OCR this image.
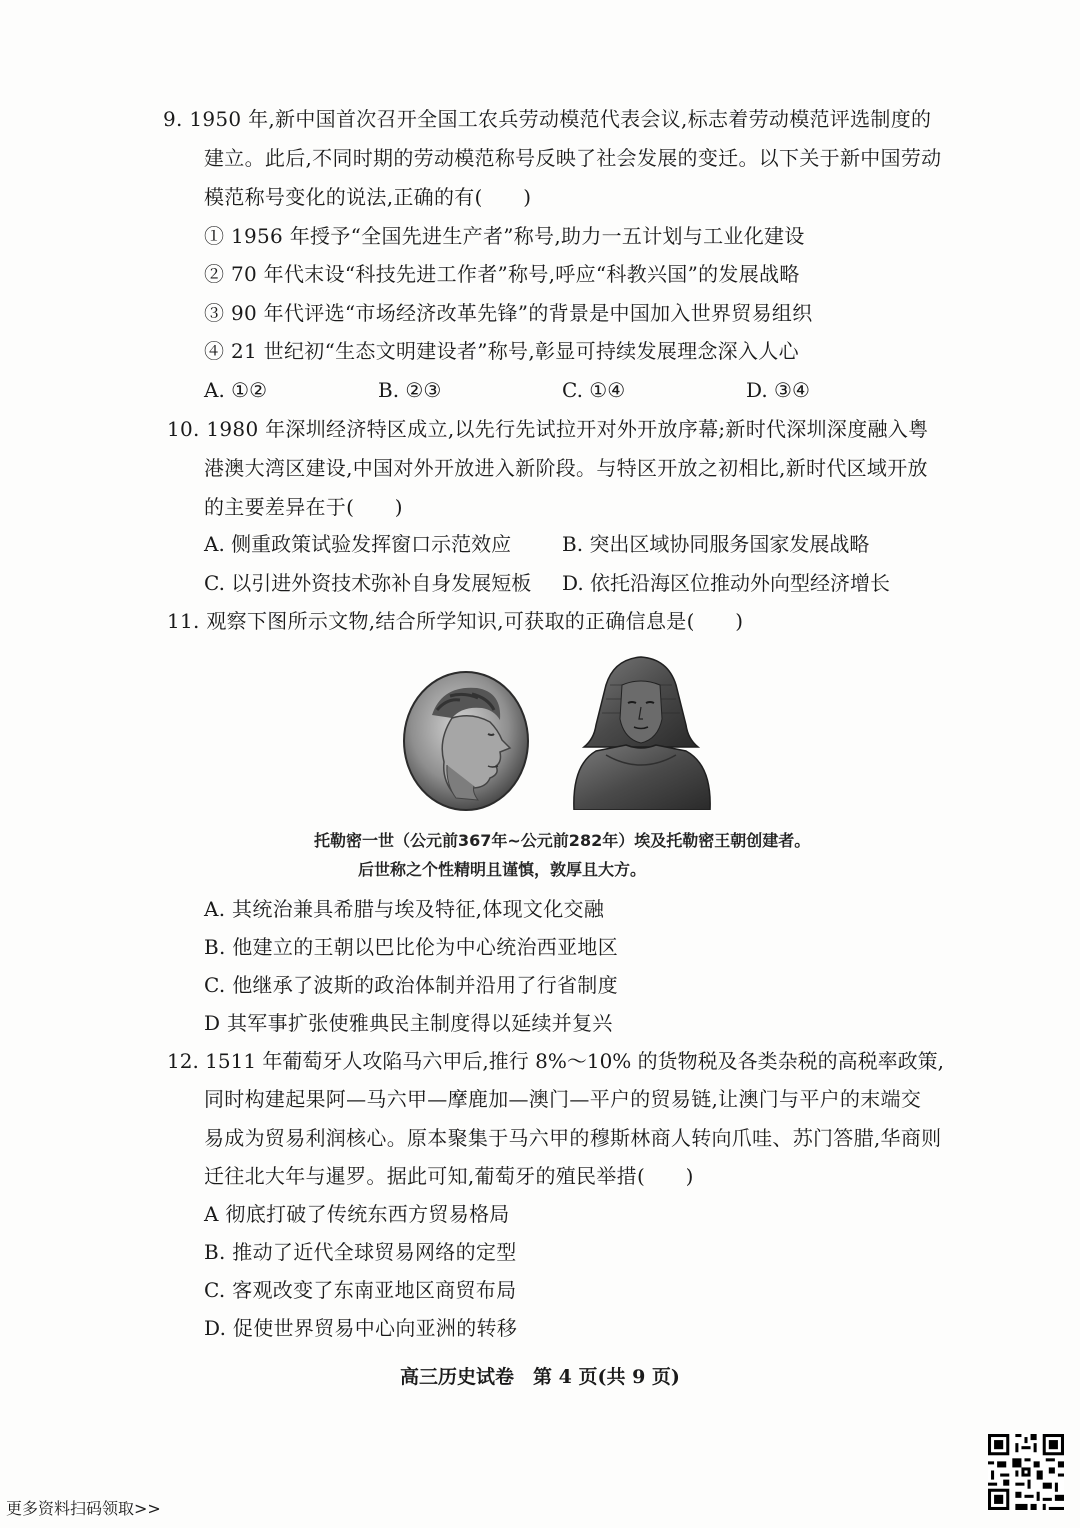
9. 1950 年,新中国首次召开全国工农兵劳动模范代表会议,标志着劳动模范评选制度的
建立。此后,不同时期的劳动模范称号反映了社会发展的变迁。以下关于新中国劳动
模范称号变化的说法,正确的有(　　)
① 1956 年授予“全国先进生产者”称号,助力一五计划与工业化建设
② 70 年代末设“科技先进工作者”称号,呼应“科教兴国”的发展战略
③ 90 年代评选“市场经济改革先锋”的背景是中国加入世界贸易组织
④ 21 世纪初“生态文明建设者”称号,彰显可持续发展理念深入人心
A. ①②	B. ②③	C. ①④	D. ③④
10. 1980 年深圳经济特区成立,以先行先试拉开对外开放序幕;新时代深圳深度融入粤
港澳大湾区建设,中国对外开放进入新阶段。与特区开放之初相比,新时代区域开放
的主要差异在于(　　)
A. 侧重政策试验发挥窗口示范效应	B. 突出区域协同服务国家发展战略
C. 以引进外资技术弥补自身发展短板 D. 依托沿海区位推动外向型经济增长
11. 观察下图所示文物,结合所学知识,可获取的正确信息是(　　)
托勒密一世（公元前367年~公元前282年）埃及托勒密王朝创建者。
后世称之个性精明且谨慎，敦厚且大方。
A. 其统治兼具希腊与埃及特征,体现文化交融
B. 他建立的王朝以巴比伦为中心统治西亚地区
C. 他继承了波斯的政治体制并沿用了行省制度
D 其军事扩张使雅典民主制度得以延续并复兴
12. 1511 年葡萄牙人攻陷马六甲后,推行 8%～10% 的货物税及各类杂税的高税率政策,
同时构建起果阿—马六甲—摩鹿加—澳门—平户的贸易链,让澳门与平户的末端交
易成为贸易利润核心。原本聚集于马六甲的穆斯林商人转向爪哇、苏门答腊,华商则
迁往北大年与暹罗。据此可知,葡萄牙的殖民举措(　　)
A 彻底打破了传统东西方贸易格局
B. 推动了近代全球贸易网络的定型
C. 客观改变了东南亚地区商贸布局
D. 促使世界贸易中心向亚洲的转移
高三历史试卷　第 4 页(共 9 页)
更多资料扫码领取>>
